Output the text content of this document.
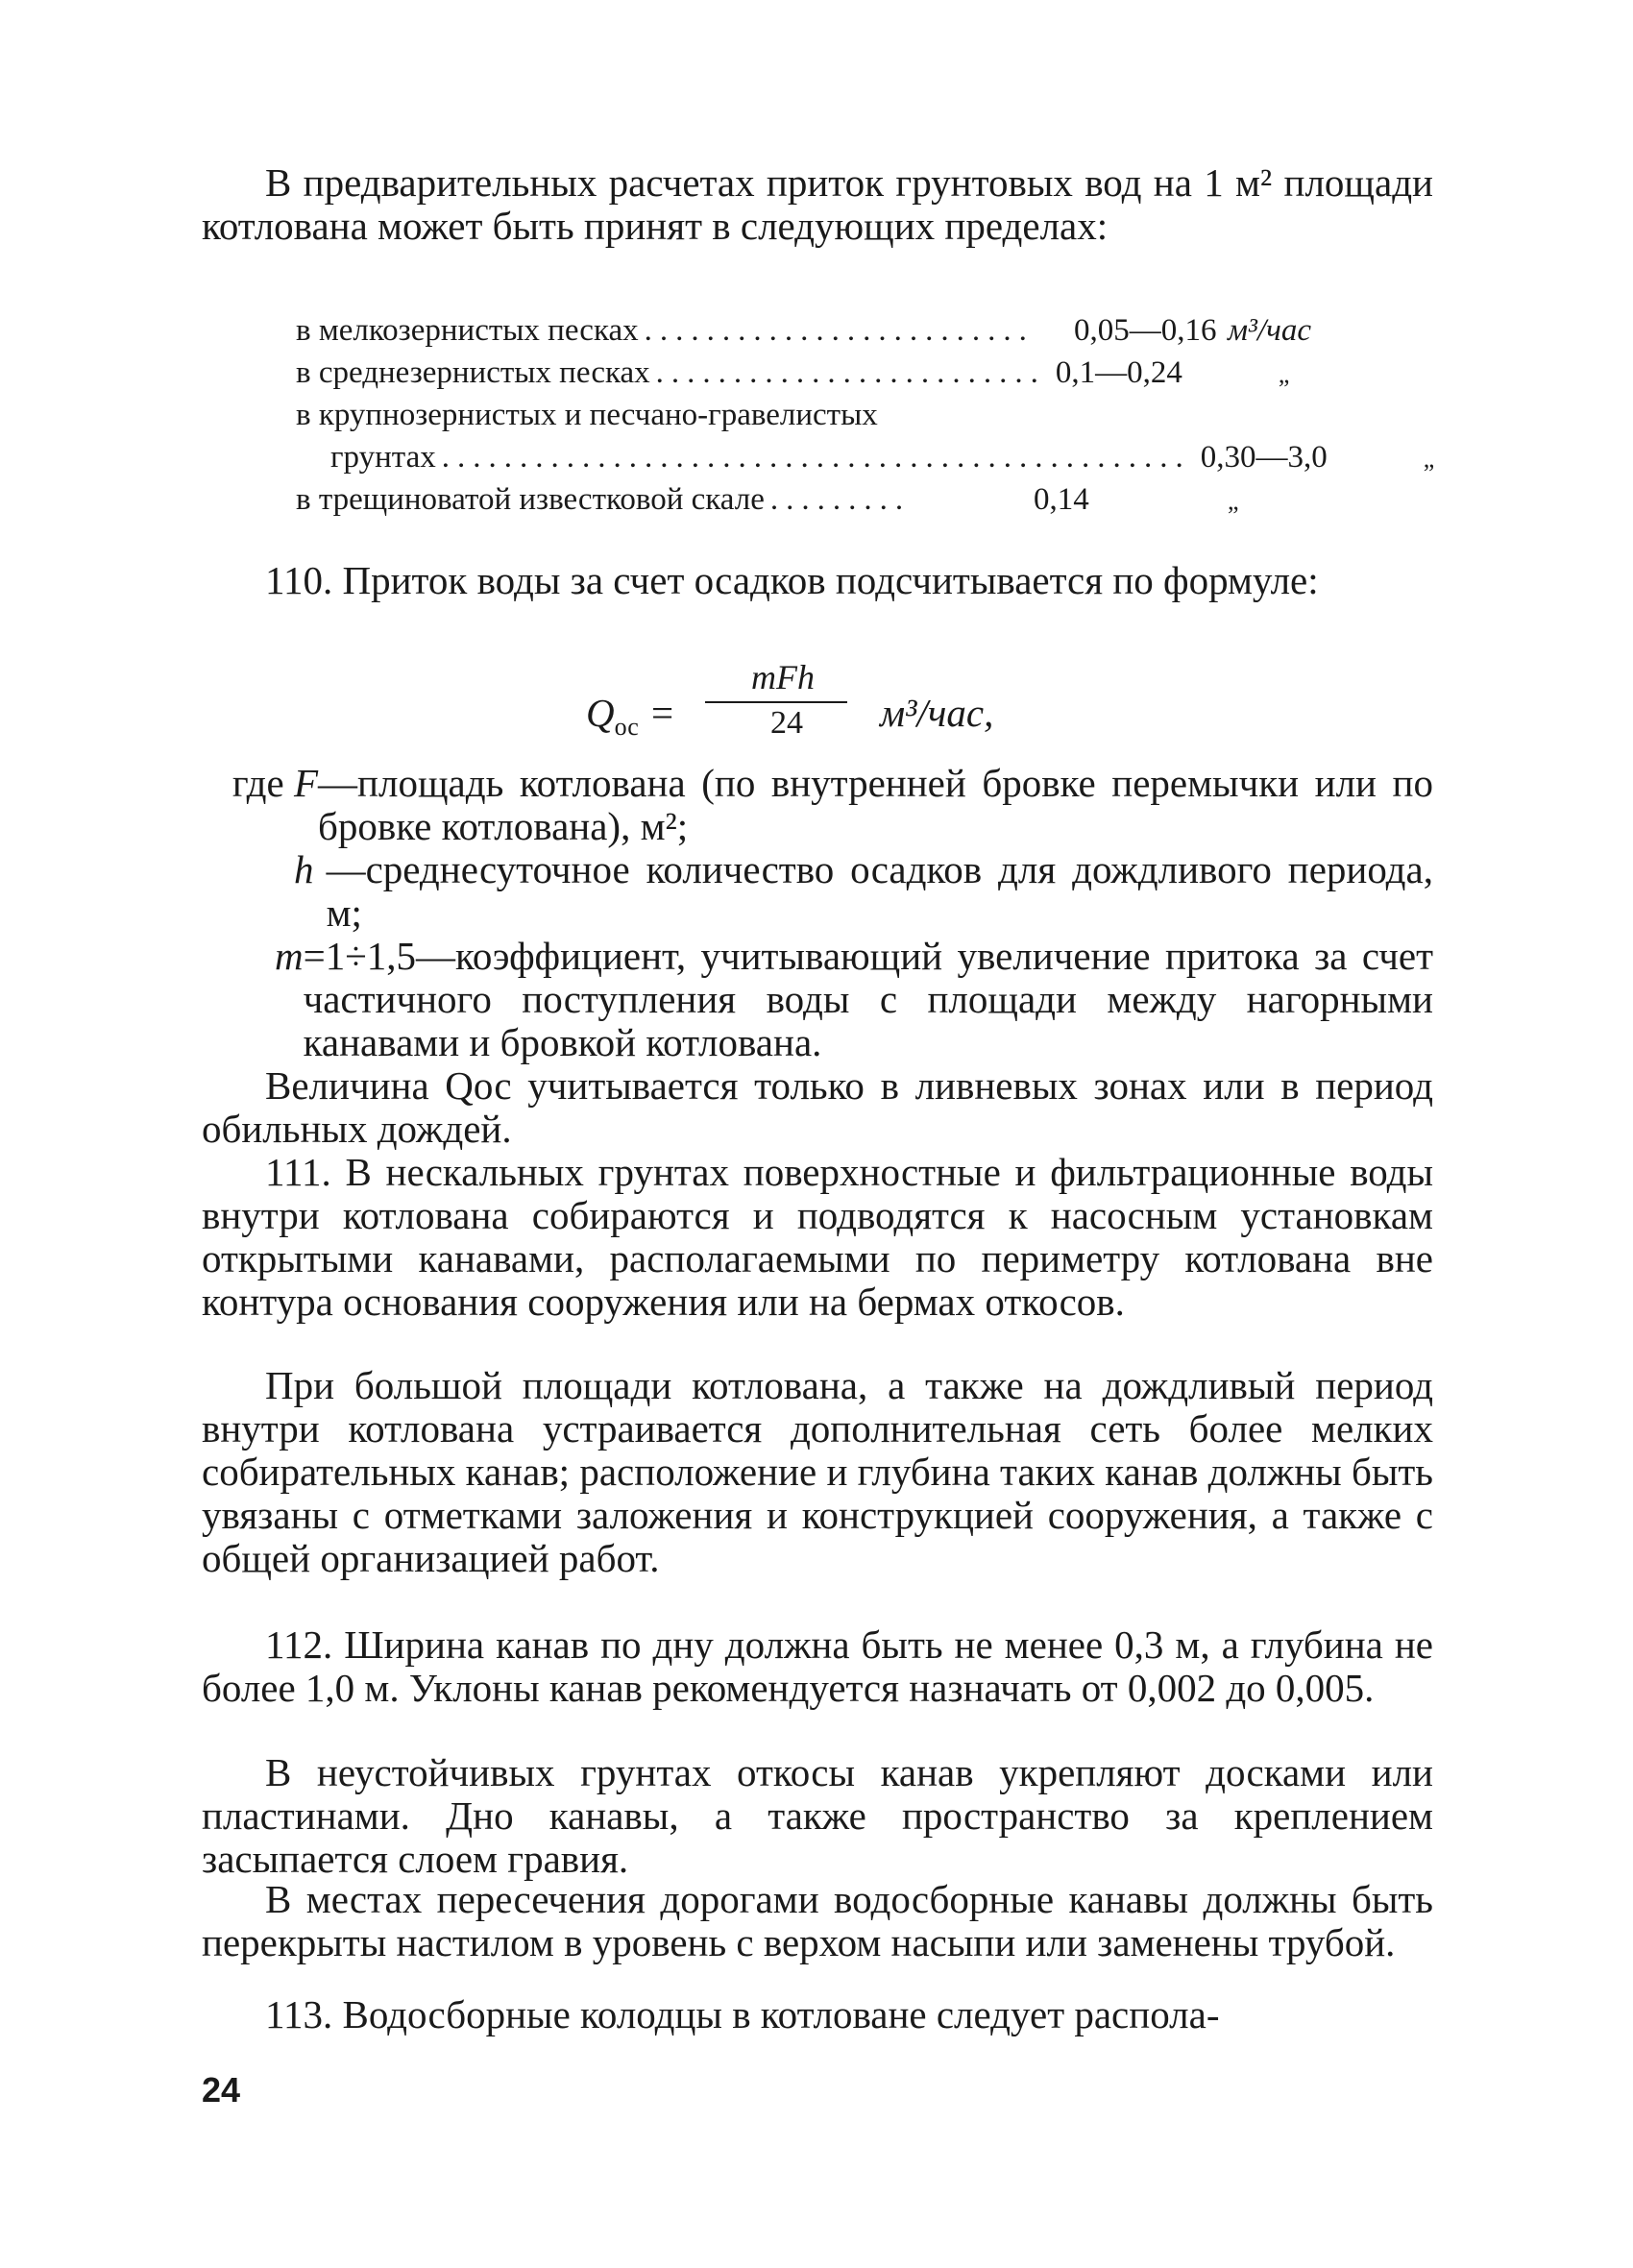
В предварительных расчетах приток грунтовых вод на 1 м² площади котлована может быть принят в следующих пределах:

в мелкозернистых песках .........................	0,05—0,16 м³/час
в среднезернистых песках ......................... 0,1—0,24	„
в крупнозернистых и песчано-гравелистых
грунтах ................................................ 0,30—3,0	„
в трещиноватой известковой скале .........	0,14	„

110. Приток воды за счет осадков подсчитывается по формуле:

$Q_{ос}$ =
mFh
24 м³/час,
где F —площадь котлована (по внутренней бровке перемычки или по бровке котлована), м²;
h —среднесуточное количество осадков для дождливого периода, м;
m =1÷1,5—коэффициент, учитывающий увеличение притока за счет частичного поступления воды с площади между нагорными канавами и бровкой котлована.

Величина Qос учитывается только в ливневых зонах или в период обильных дождей.

111. В нескальных грунтах поверхностные и фильтрационные воды внутри котлована собираются и подводятся к насосным установкам открытыми канавами, располагаемыми по периметру котлована вне контура основания сооружения или на бермах откосов.

При большой площади котлована, а также на дождливый период внутри котлована устраивается дополнительная сеть более мелких собирательных канав; расположение и глубина таких канав должны быть увязаны с отметками заложения и конструкцией сооружения, а также с общей организацией работ.

112. Ширина канав по дну должна быть не менее 0,3 м, а глубина не более 1,0 м. Уклоны канав рекомендуется назначать от 0,002 до 0,005.

В неустойчивых грунтах откосы канав укрепляют досками или пластинами. Дно канавы, а также пространство за креплением засыпается слоем гравия.

В местах пересечения дорогами водосборные канавы должны быть перекрыты настилом в уровень с верхом насыпи или заменены трубой.

113. Водосборные колодцы в котловане следует распола-

24
